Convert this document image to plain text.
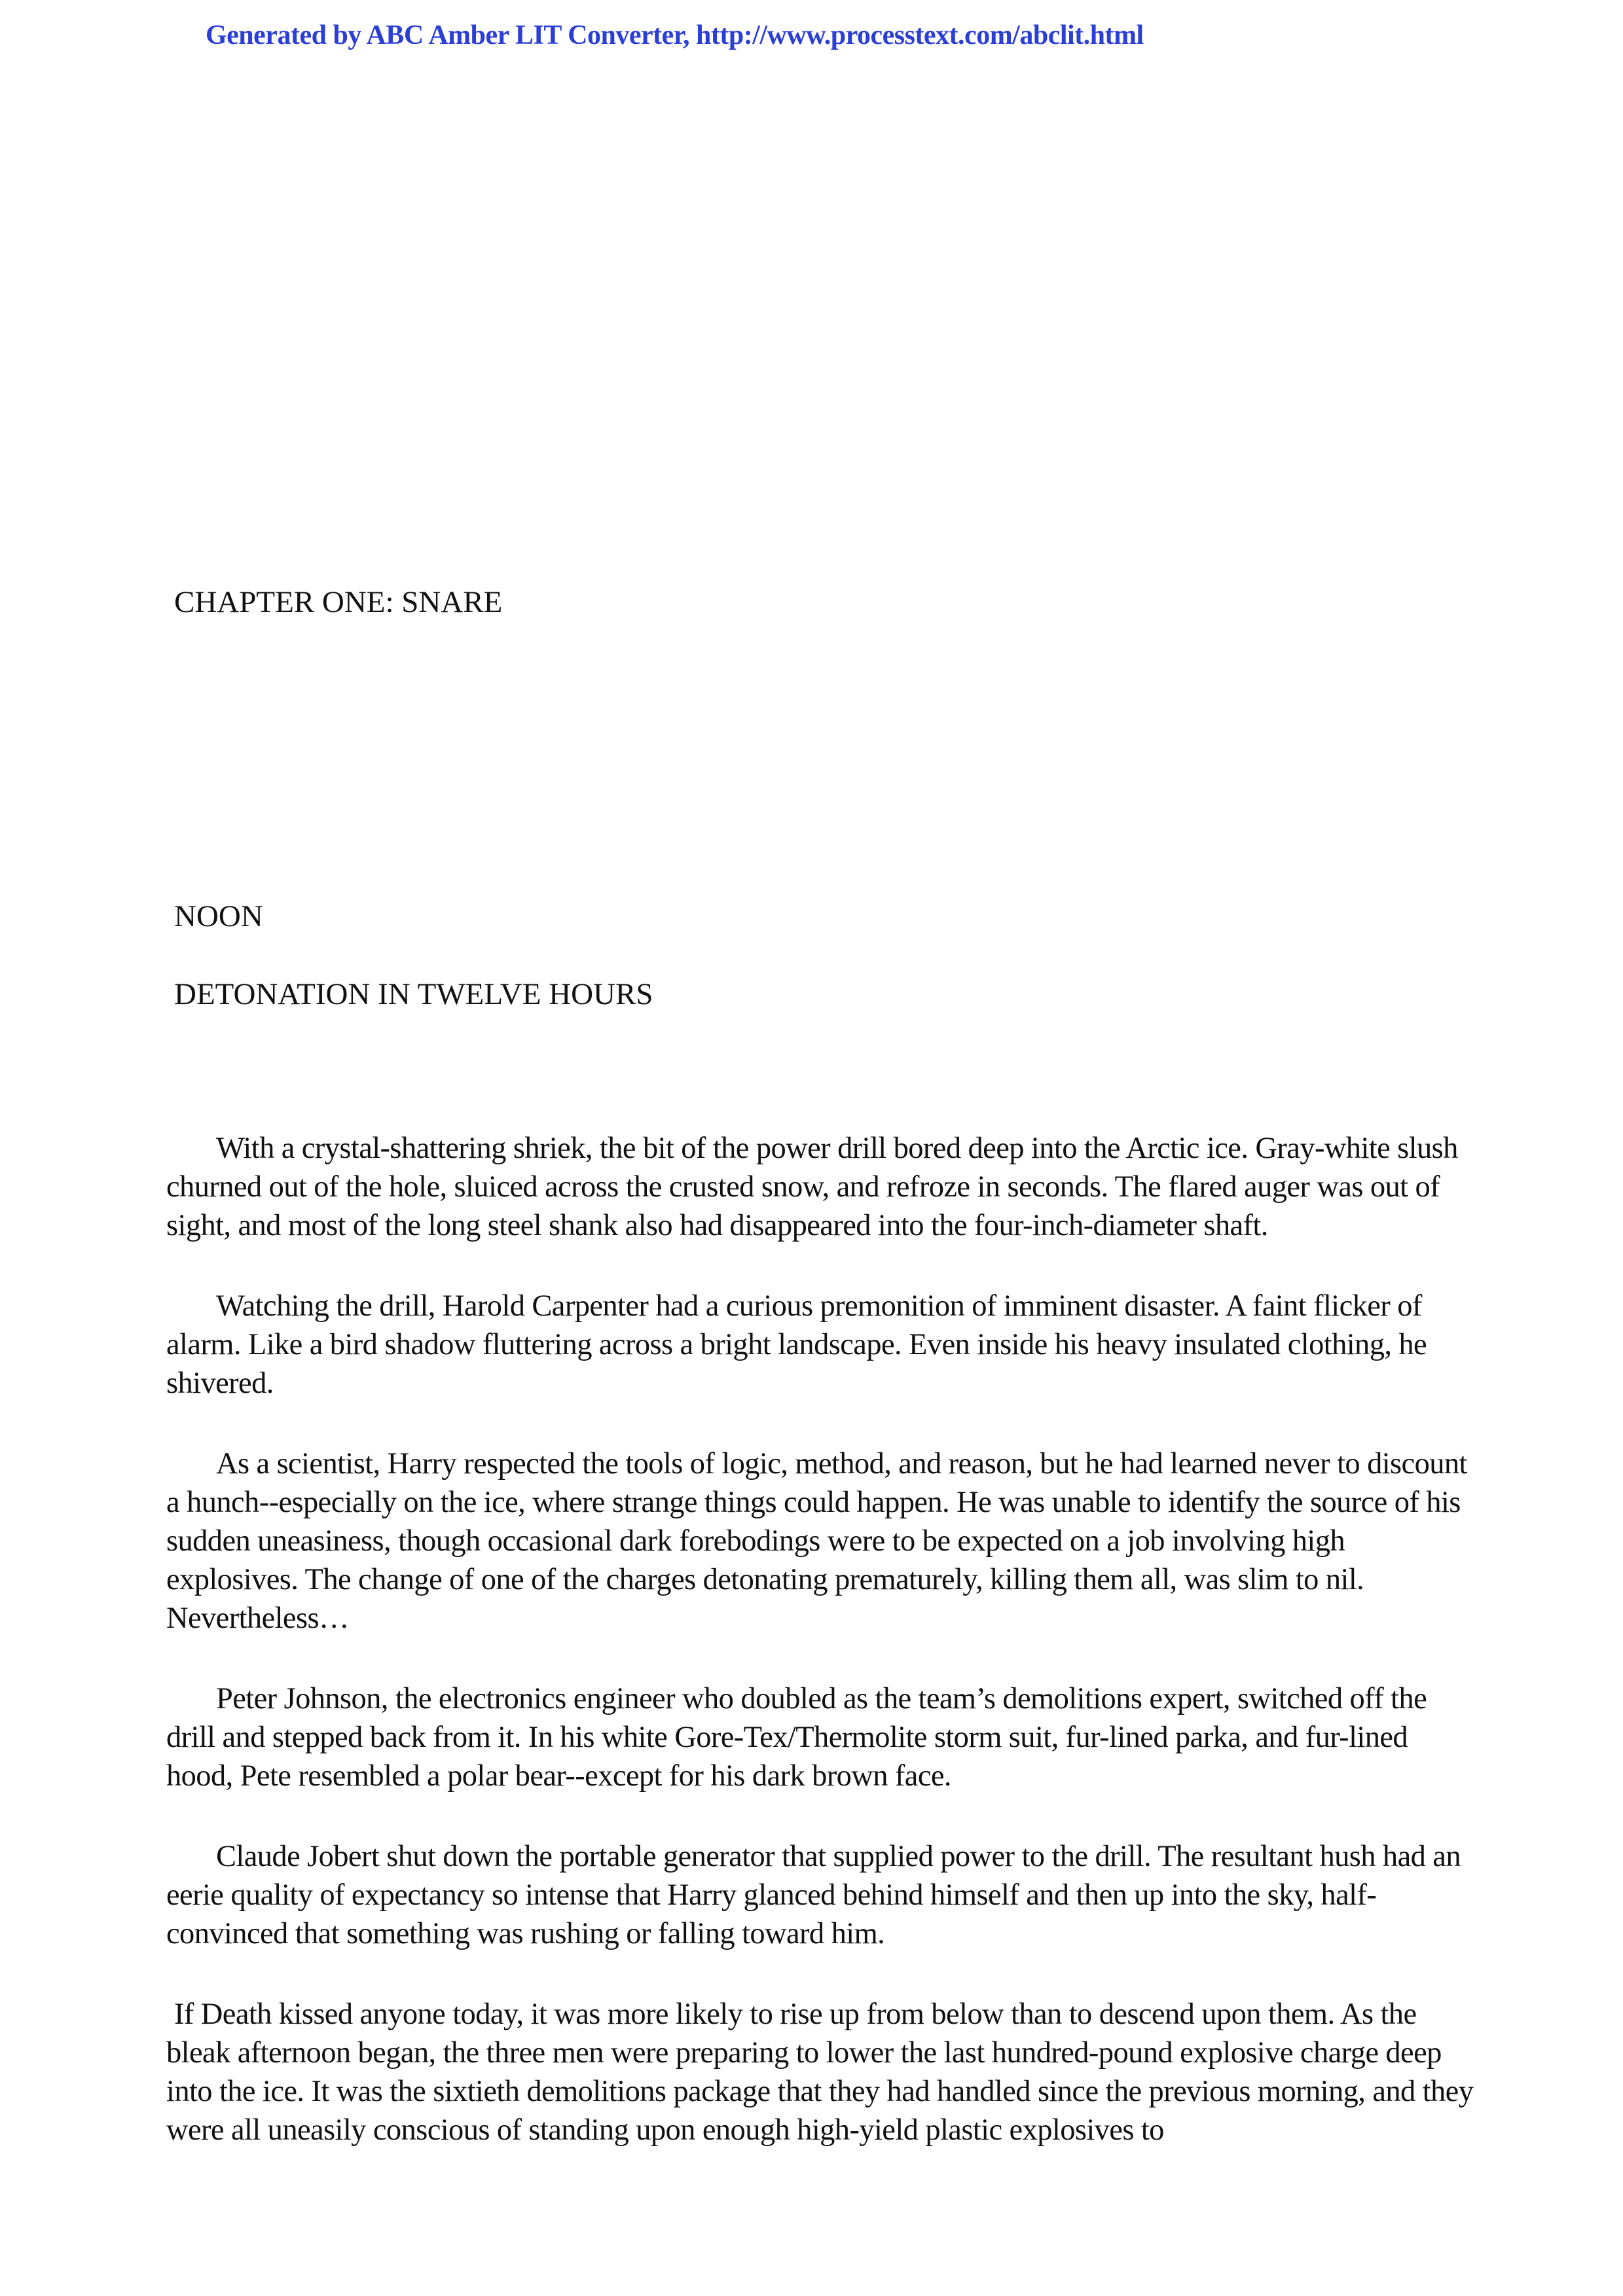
Generated by ABC Amber LIT Converter, http://www.processtext.com/abclit.html
CHAPTER ONE: SNARE
NOON
DETONATION IN TWELVE HOURS

With a crystal-shattering shriek, the bit of the power drill bored deep into the Arctic ice. Gray-white slush churned out of the hole, sluiced across the crusted snow, and refroze in seconds. The flared auger was out of sight, and most of the long steel shank also had disappeared into the four-inch-diameter shaft.

Watching the drill, Harold Carpenter had a curious premonition of imminent disaster. A faint flicker of alarm. Like a bird shadow fluttering across a bright landscape. Even inside his heavy insulated clothing, he shivered.

As a scientist, Harry respected the tools of logic, method, and reason, but he had learned never to discount a hunch--especially on the ice, where strange things could happen. He was unable to identify the source of his sudden uneasiness, though occasional dark forebodings were to be expected on a job involving high explosives. The change of one of the charges detonating prematurely, killing them all, was slim to nil. Nevertheless…

Peter Johnson, the electronics engineer who doubled as the team’s demolitions expert, switched off the drill and stepped back from it. In his white Gore-Tex/Thermolite storm suit, fur-lined parka, and fur-lined hood, Pete resembled a polar bear--except for his dark brown face.

Claude Jobert shut down the portable generator that supplied power to the drill. The resultant hush had an eerie quality of expectancy so intense that Harry glanced behind himself and then up into the sky, half-convinced that something was rushing or falling toward him.

If Death kissed anyone today, it was more likely to rise up from below than to descend upon them. As the bleak afternoon began, the three men were preparing to lower the last hundred-pound explosive charge deep into the ice. It was the sixtieth demolitions package that they had handled since the previous morning, and they were all uneasily conscious of standing upon enough high-yield plastic explosives to
